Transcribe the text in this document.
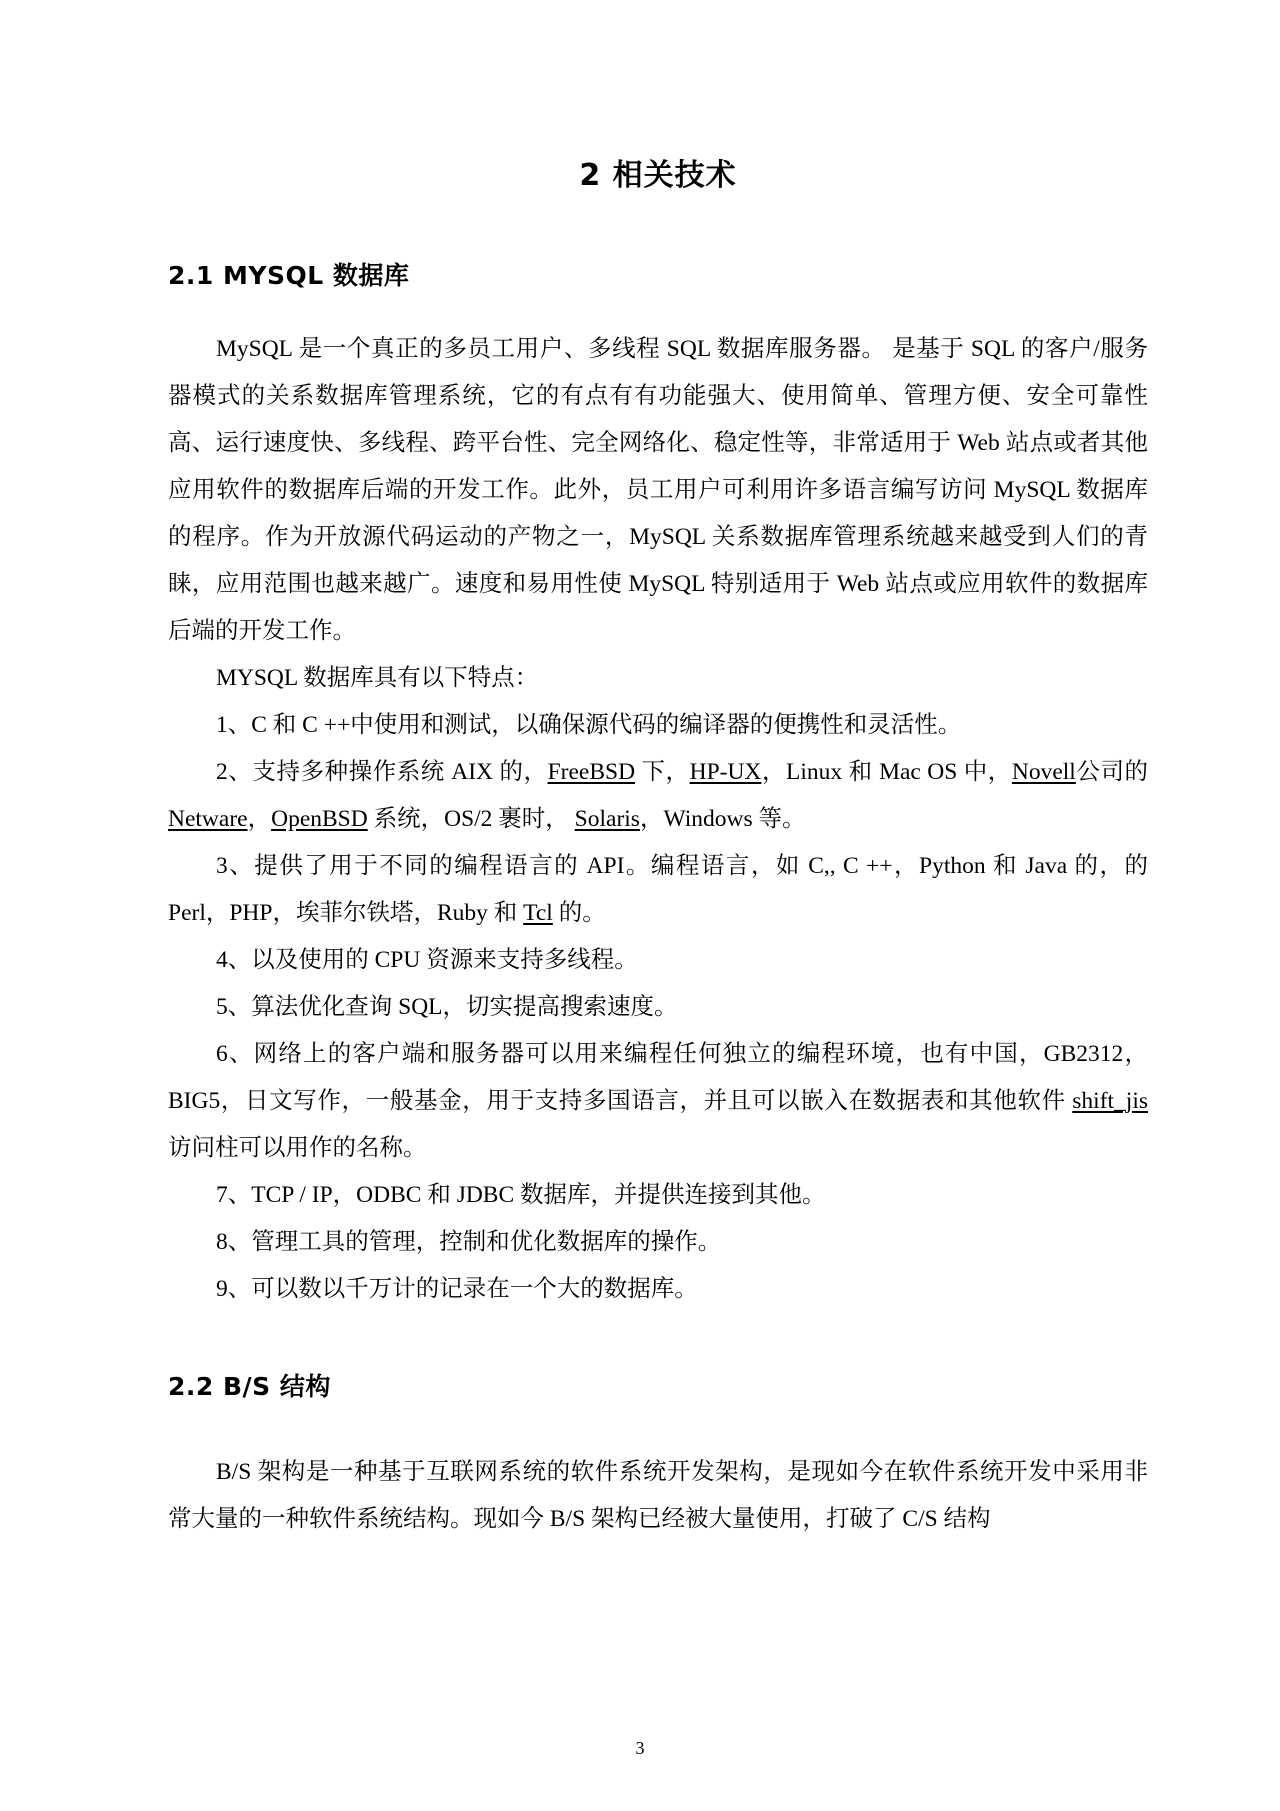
2 相关技术
2.1 MYSQL 数据库

MySQL 是一个真正的多员工用户、多线程 SQL 数据库服务器。 是基于 SQL 的客户/服务器模式的关系数据库管理系统，它的有点有有功能强大、使用简单、管理方便、安全可靠性高、运行速度快、多线程、跨平台性、完全网络化、稳定性等，非常适用于 Web 站点或者其他应用软件的数据库后端的开发工作。此外，员工用户可利用许多语言编写访问 MySQL 数据库的程序。作为开放源代码运动的产物之一，MySQL 关系数据库管理系统越来越受到人们的青睐，应用范围也越来越广。速度和易用性使 MySQL 特别适用于 Web 站点或应用软件的数据库后端的开发工作。

MYSQL 数据库具有以下特点：

1、C 和 C ++中使用和测试，以确保源代码的编译器的便携性和灵活性。

2、支持多种操作系统 AIX 的，FreeBSD 下，HP-UX，Linux 和 Mac OS 中，Novell公司的 Netware，OpenBSD 系统，OS/2 裹时， Solaris，Windows 等。

3、提供了用于不同的编程语言的 API。编程语言，如 C,, C ++，Python 和 Java 的，的 Perl，PHP，埃菲尔铁塔，Ruby 和 Tcl 的。

4、以及使用的 CPU 资源来支持多线程。

5、算法优化查询 SQL，切实提高搜索速度。

6、网络上的客户端和服务器可以用来编程任何独立的编程环境，也有中国，GB2312，BIG5，日文写作，一般基金，用于支持多国语言，并且可以嵌入在数据表和其他软件 shift_jis 访问柱可以用作的名称。

7、TCP / IP，ODBC 和 JDBC 数据库，并提供连接到其他。

8、管理工具的管理，控制和优化数据库的操作。

9、可以数以千万计的记录在一个大的数据库。

2.2 B/S 结构

B/S 架构是一种基于互联网系统的软件系统开发架构，是现如今在软件系统开发中采用非常大量的一种软件系统结构。现如今 B/S 架构已经被大量使用，打破了 C/S 结构

3
